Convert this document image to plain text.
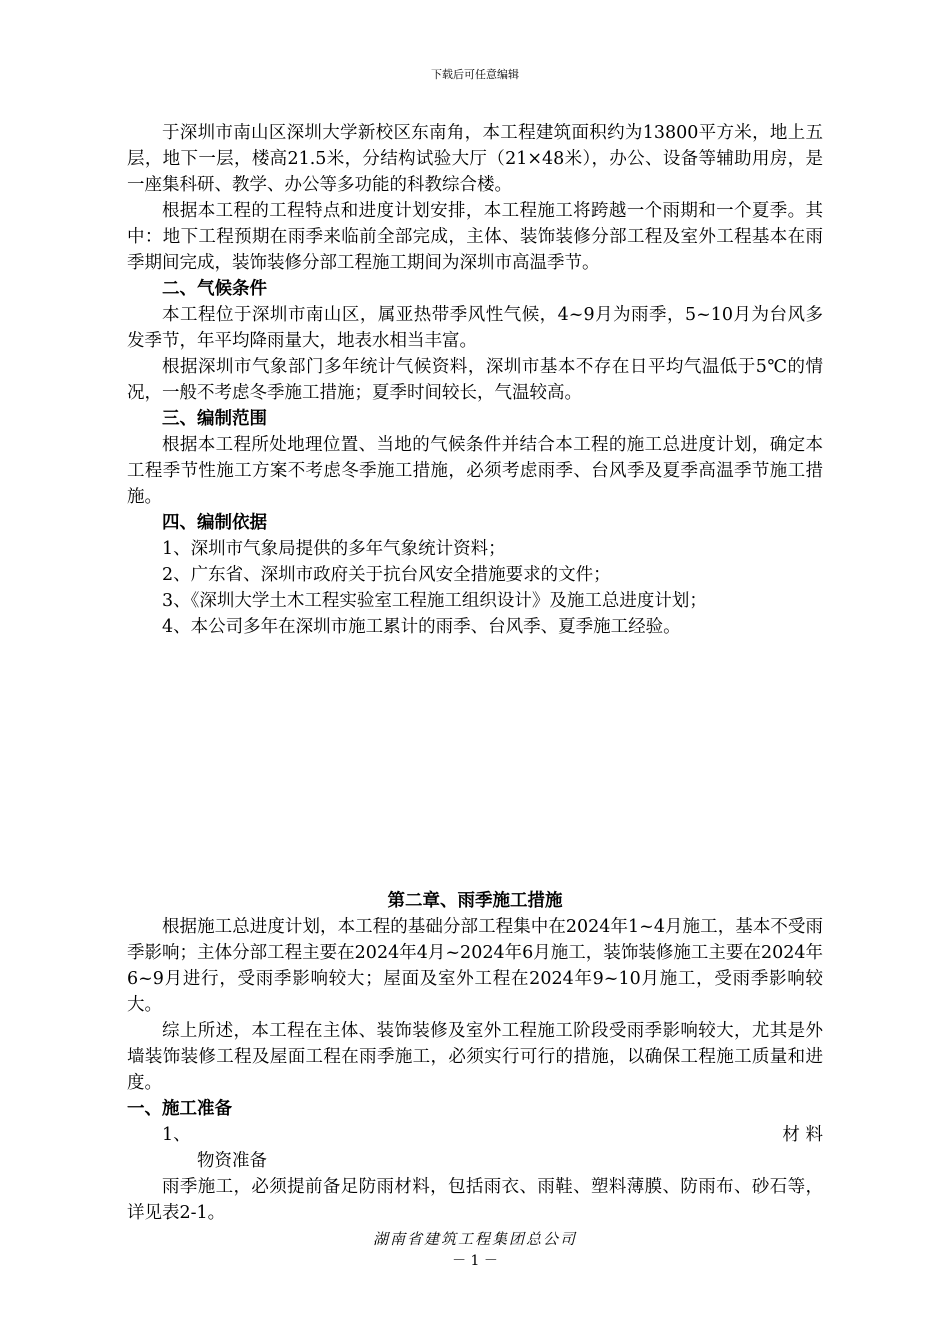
下载后可任意编辑

于深圳市南山区深圳大学新校区东南角，本工程建筑面积约为13800平方米，地上五层，地下一层，楼高21.5米，分结构试验大厅（21×48米），办公、设备等辅助用房，是一座集科研、教学、办公等多功能的科教综合楼。

根据本工程的工程特点和进度计划安排，本工程施工将跨越一个雨期和一个夏季。其中：地下工程预期在雨季来临前全部完成，主体、装饰装修分部工程及室外工程基本在雨季期间完成，装饰装修分部工程施工期间为深圳市高温季节。

二、气候条件

本工程位于深圳市南山区，属亚热带季风性气候，4~9月为雨季，5~10月为台风多发季节，年平均降雨量大，地表水相当丰富。

根据深圳市气象部门多年统计气候资料，深圳市基本不存在日平均气温低于5℃的情况，一般不考虑冬季施工措施；夏季时间较长，气温较高。

三、编制范围

根据本工程所处地理位置、当地的气候条件并结合本工程的施工总进度计划，确定本工程季节性施工方案不考虑冬季施工措施，必须考虑雨季、台风季及夏季高温季节施工措施。

四、编制依据

1、深圳市气象局提供的多年气象统计资料；

2、广东省、深圳市政府关于抗台风安全措施要求的文件；

3、《深圳大学土木工程实验室工程施工组织设计》及施工总进度计划；

4、本公司多年在深圳市施工累计的雨季、台风季、夏季施工经验。

第二章、雨季施工措施

根据施工总进度计划，本工程的基础分部工程集中在2024年1~4月施工，基本不受雨季影响；主体分部工程主要在2024年4月~2024年6月施工，装饰装修施工主要在2024年6~9月进行，受雨季影响较大；屋面及室外工程在2024年9~10月施工，受雨季影响较大。

综上所述，本工程在主体、装饰装修及室外工程施工阶段受雨季影响较大，尤其是外墙装饰装修工程及屋面工程在雨季施工，必须实行可行的措施，以确保工程施工质量和进度。

一、施工准备

1、	材 料

物资准备

雨季施工，必须提前备足防雨材料，包括雨衣、雨鞋、塑料薄膜、防雨布、砂石等，详见表2-1。

湖南省建筑工程集团总公司
－ 1 －
